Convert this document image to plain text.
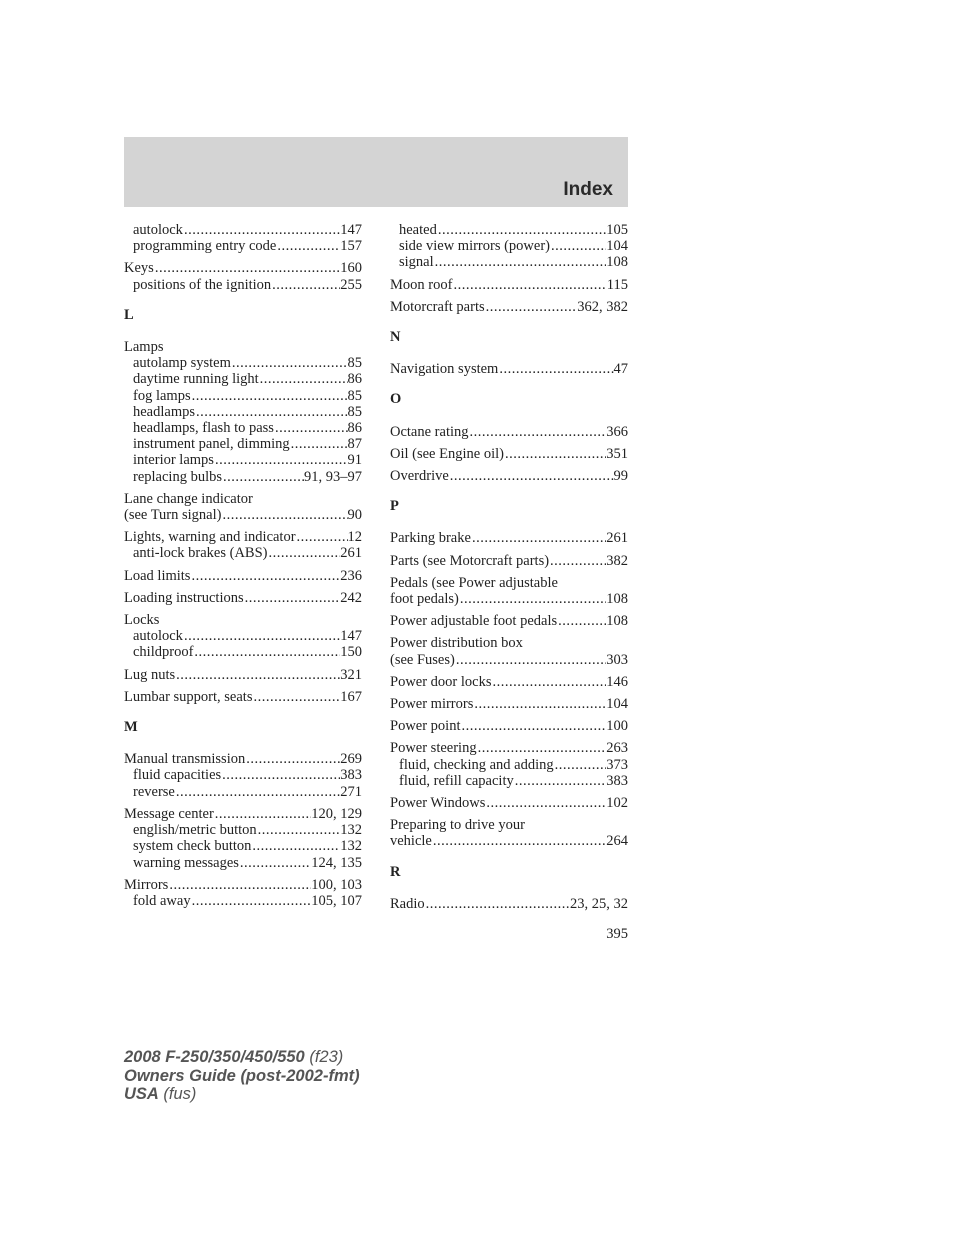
Index
autolock .....	147
programming entry code .....	157
Keys .....	160
positions of the ignition .....	255
L
Lamps
autolamp system .....	85
daytime running light .....	86
fog lamps .....	85
headlamps .....	85
headlamps, flash to pass .....	86
instrument panel, dimming .....	87
interior lamps .....	91
replacing bulbs .....	91, 93–97
Lane change indicator
(see Turn signal) .....	90
Lights, warning and indicator .....	12
anti-lock brakes (ABS) .....	261
Load limits .....	236
Loading instructions .....	242
Locks
autolock .....	147
childproof .....	150
Lug nuts .....	321
Lumbar support, seats .....	167
M
Manual transmission .....	269
fluid capacities .....	383
reverse .....	271
Message center .....	120, 129
english/metric button .....	132
system check button .....	132
warning messages .....	124, 135
Mirrors .....	100, 103
fold away .....	105, 107
heated .....	105
side view mirrors (power) .....	104
signal .....	108
Moon roof .....	115
Motorcraft parts .....	362, 382
N
Navigation system .....	47
O
Octane rating .....	366
Oil (see Engine oil) .....	351
Overdrive .....	99
P
Parking brake .....	261
Parts (see Motorcraft parts) .....	382
Pedals (see Power adjustable
foot pedals) .....	108
Power adjustable foot pedals .....	108
Power distribution box
(see Fuses) .....	303
Power door locks .....	146
Power mirrors .....	104
Power point .....	100
Power steering .....	263
fluid, checking and adding .....	373
fluid, refill capacity .....	383
Power Windows .....	102
Preparing to drive your
vehicle .....	264
R
Radio .....	23, 25, 32
395
2008 F-250/350/450/550 (f23)
Owners Guide (post-2002-fmt)
USA (fus)
